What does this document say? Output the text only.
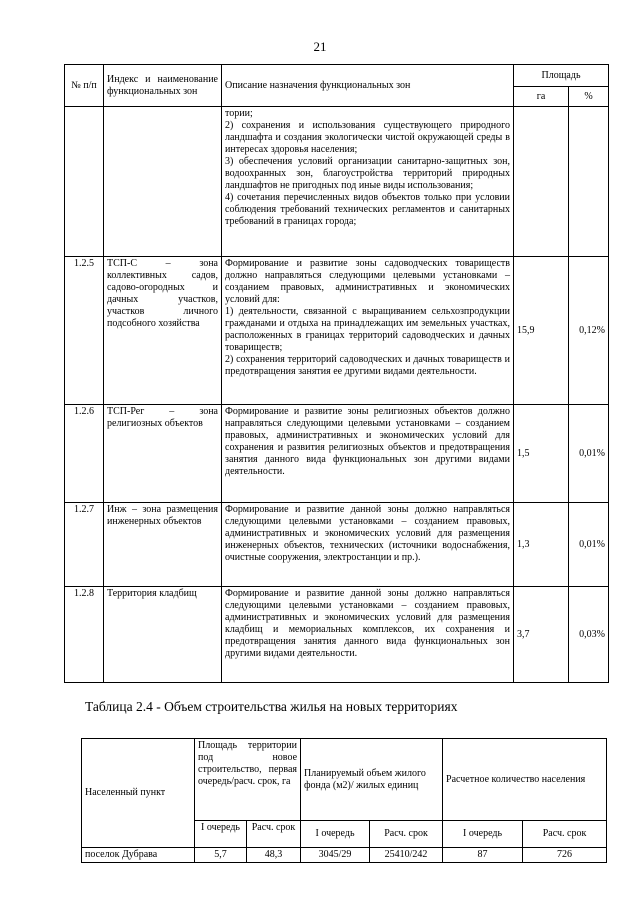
21
№ п/п	Индекс и наименование функциональных зон	Описание назначения функциональных зон	Площадь	
			га	%
		тории;
2) сохранения и использования существующего природного ландшафта и создания экологически чистой окружающей среды в интересах здоровья населения;
3) обеспечения условий организации санитарно-защитных зон, водоохранных зон, благоустройства территорий природных ландшафтов не пригодных под иные виды использования;
4) сочетания перечисленных видов объектов только при условии соблюдения требований технических регламентов и санитарных требований в границах города;		
1.2.5	ТСП-С – зона коллективных садов, садово-огородных и дачных участков, участков личного подсобного хозяйства	Формирование и развитие зоны садоводческих товариществ должно направляться следующими целевыми установками – созданием правовых, административных и экономических условий для:
1) деятельности, связанной с выращиванием сельхозпродукции гражданами и отдыха на принадлежащих им земельных участках, расположенных в границах территорий садоводческих и дачных товариществ;
2) сохранения территорий садоводческих и дачных товариществ и предотвращения занятия ее другими видами деятельности.	15,9	0,12%
1.2.6	ТСП-Рег – зона религиозных объектов	Формирование и развитие зоны религиозных объектов должно направляться следующими целевыми установками – созданием правовых, административных и экономических условий для сохранения и развития религиозных объектов и предотвращения занятия данного вида функциональных зон другими видами деятельности.	1,5	0,01%
1.2.7	Инж – зона размещения инженерных объектов	Формирование и развитие данной зоны должно направляться следующими целевыми установками – созданием правовых, административных и экономических условий для размещения инженерных объектов, технических (источники водоснабжения, очистные сооружения, электростанции и пр.).	1,3	0,01%
1.2.8	Территория кладбищ	Формирование и развитие данной зоны должно направляться следующими целевыми установками – созданием правовых, административных и экономических условий для размещения кладбищ и мемориальных комплексов, их сохранения и предотвращения занятия данного вида функциональных зон другими видами деятельности.	3,7	0,03%
Таблица 2.4 - Объем строительства жилья на новых территориях
Населенный пункт	Площадь территории под новое строительство, первая очередь/расч. срок, га		Планируемый объем жилого фонда (м2)/ жилых единиц		Расчетное количество населения	
	I очередь	Расч. срок	I очередь	Расч. срок	I очередь	Расч. срок
поселок Дубрава	5,7	48,3	3045/29	25410/242	87	726
